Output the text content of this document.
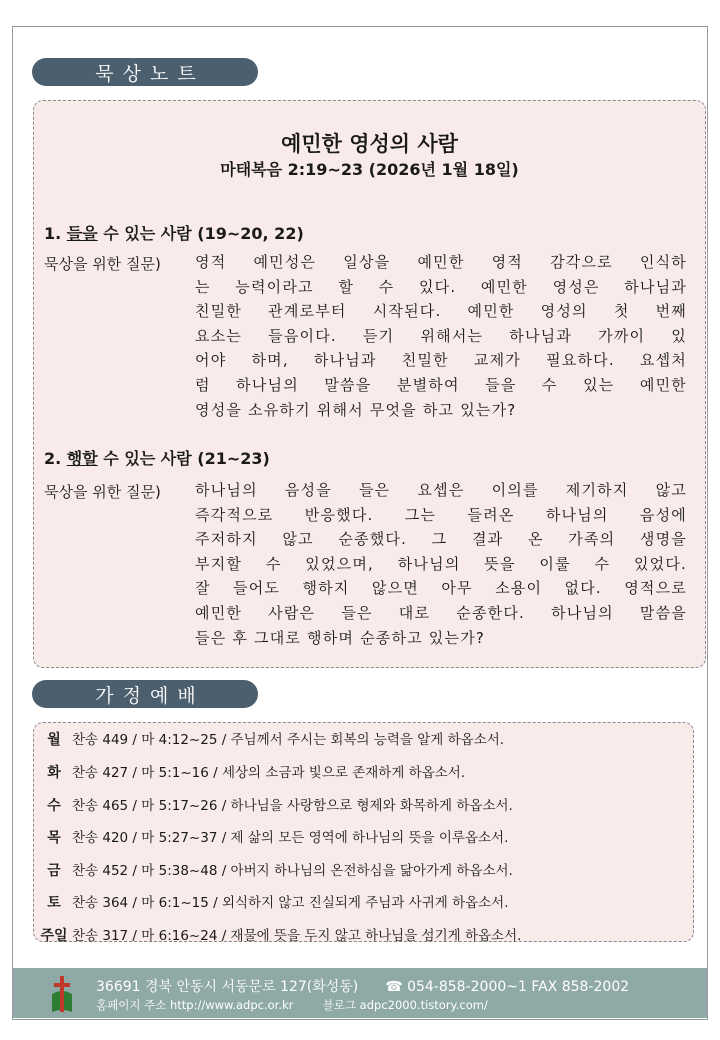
묵상노트
예민한 영성의 사람
마태복음 2:19~23 (2026년 1월 18일)
1. 들을 수 있는 사람 (19~20, 22)
묵상을 위한 질문)	영적 예민성은 일상을 예민한 영적 감각으로 인식하
는 능력이라고 할 수 있다. 예민한 영성은 하나님과
친밀한 관계로부터 시작된다. 예민한 영성의 첫 번째
요소는 들음이다. 듣기 위해서는 하나님과 가까이 있
어야 하며, 하나님과 친밀한 교제가 필요하다. 요셉처
럼 하나님의 말씀을 분별하여 들을 수 있는 예민한
영성을 소유하기 위해서 무엇을 하고 있는가?
2. 행할 수 있는 사람 (21~23)
묵상을 위한 질문)	하나님의 음성을 들은 요셉은 이의를 제기하지 않고
즉각적으로 반응했다. 그는 들려온 하나님의 음성에
주저하지 않고 순종했다. 그 결과 온 가족의 생명을
부지할 수 있었으며, 하나님의 뜻을 이룰 수 있었다.
잘 들어도 행하지 않으면 아무 소용이 없다. 영적으로
예민한 사람은 들은 대로 순종한다. 하나님의 말씀을
들은 후 그대로 행하며 순종하고 있는가?
가정예배
월 찬송 449 / 마 4:12~25 / 주님께서 주시는 회복의 능력을 알게 하옵소서.
화 찬송 427 / 마 5:1~16 / 세상의 소금과 빛으로 존재하게 하옵소서.
수 찬송 465 / 마 5:17~26 / 하나님을 사랑함으로 형제와 화목하게 하옵소서.
목 찬송 420 / 마 5:27~37 / 제 삶의 모든 영역에 하나님의 뜻을 이루옵소서.
금 찬송 452 / 마 5:38~48 / 아버지 하나님의 온전하심을 닮아가게 하옵소서.
토 찬송 364 / 마 6:1~15 / 외식하지 않고 진실되게 주님과 사귀게 하옵소서.
주일 찬송 317 / 마 6:16~24 / 재물에 뜻을 두지 않고 하나님을 섬기게 하옵소서.
36691 경북 안동시 서동문로 127(화성동) ☎ 054-858-2000~1 FAX 858-2002
홈페이지 주소 http://www.adpc.or.kr	블로그 adpc2000.tistory.com/
